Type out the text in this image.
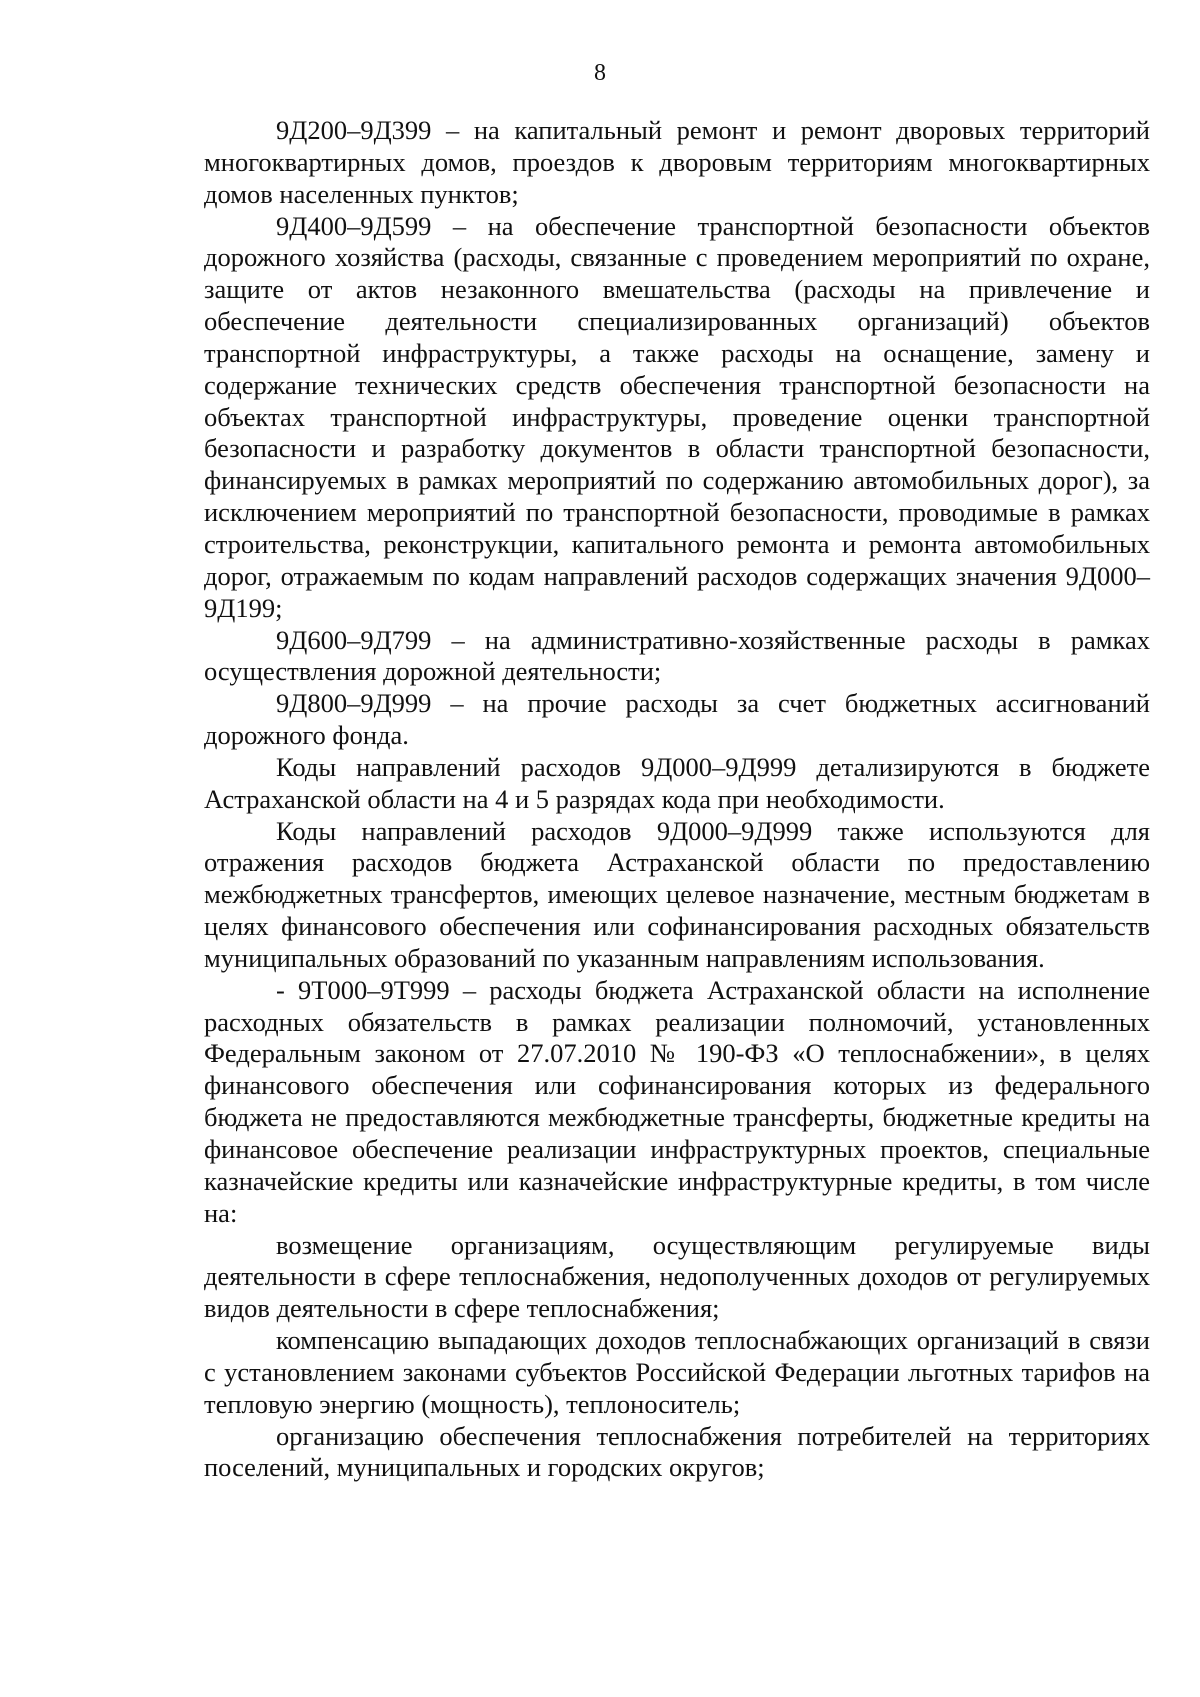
8

9Д200–9Д399 – на капитальный ремонт и ремонт дворовых территорий многоквартирных домов, проездов к дворовым территориям многоквартирных домов населенных пунктов;

9Д400–9Д599 – на обеспечение транспортной безопасности объектов дорожного хозяйства (расходы, связанные с проведением мероприятий по охране, защите от актов незаконного вмешательства (расходы на привлечение и обеспечение деятельности специализированных организаций) объектов транспортной инфраструктуры, а также расходы на оснащение, замену и содержание технических средств обеспечения транспортной безопасности на объектах транспортной инфраструктуры, проведение оценки транспортной безопасности и разработку документов в области транспортной безопасности, финансируемых в рамках мероприятий по содержанию автомобильных дорог), за исключением мероприятий по транспортной безопасности, проводимые в рамках строительства, реконструкции, капитального ремонта и ремонта автомобильных дорог, отражаемым по кодам направлений расходов содержащих значения 9Д000–9Д199;

9Д600–9Д799 – на административно-хозяйственные расходы в рамках осуществления дорожной деятельности;

9Д800–9Д999 – на прочие расходы за счет бюджетных ассигнований дорожного фонда.

Коды направлений расходов 9Д000–9Д999 детализируются в бюджете Астраханской области на 4 и 5 разрядах кода при необходимости.

Коды направлений расходов 9Д000–9Д999 также используются для отражения расходов бюджета Астраханской области по предоставлению межбюджетных трансфертов, имеющих целевое назначение, местным бюджетам в целях финансового обеспечения или софинансирования расходных обязательств муниципальных образований по указанным направлениям использования.

- 9Т000–9Т999 – расходы бюджета Астраханской области на исполнение расходных обязательств в рамках реализации полномочий, установленных Федеральным законом от 27.07.2010 № 190-ФЗ «О теплоснабжении», в целях финансового обеспечения или софинансирования которых из федерального бюджета не предоставляются межбюджетные трансферты, бюджетные кредиты на финансовое обеспечение реализации инфраструктурных проектов, специальные казначейские кредиты или казначейские инфраструктурные кредиты, в том числе на:

возмещение организациям, осуществляющим регулируемые виды деятельности в сфере теплоснабжения, недополученных доходов от регулируемых видов деятельности в сфере теплоснабжения;

компенсацию выпадающих доходов теплоснабжающих организаций в связи с установлением законами субъектов Российской Федерации льготных тарифов на тепловую энергию (мощность), теплоноситель;

организацию обеспечения теплоснабжения потребителей на территориях поселений, муниципальных и городских округов;
